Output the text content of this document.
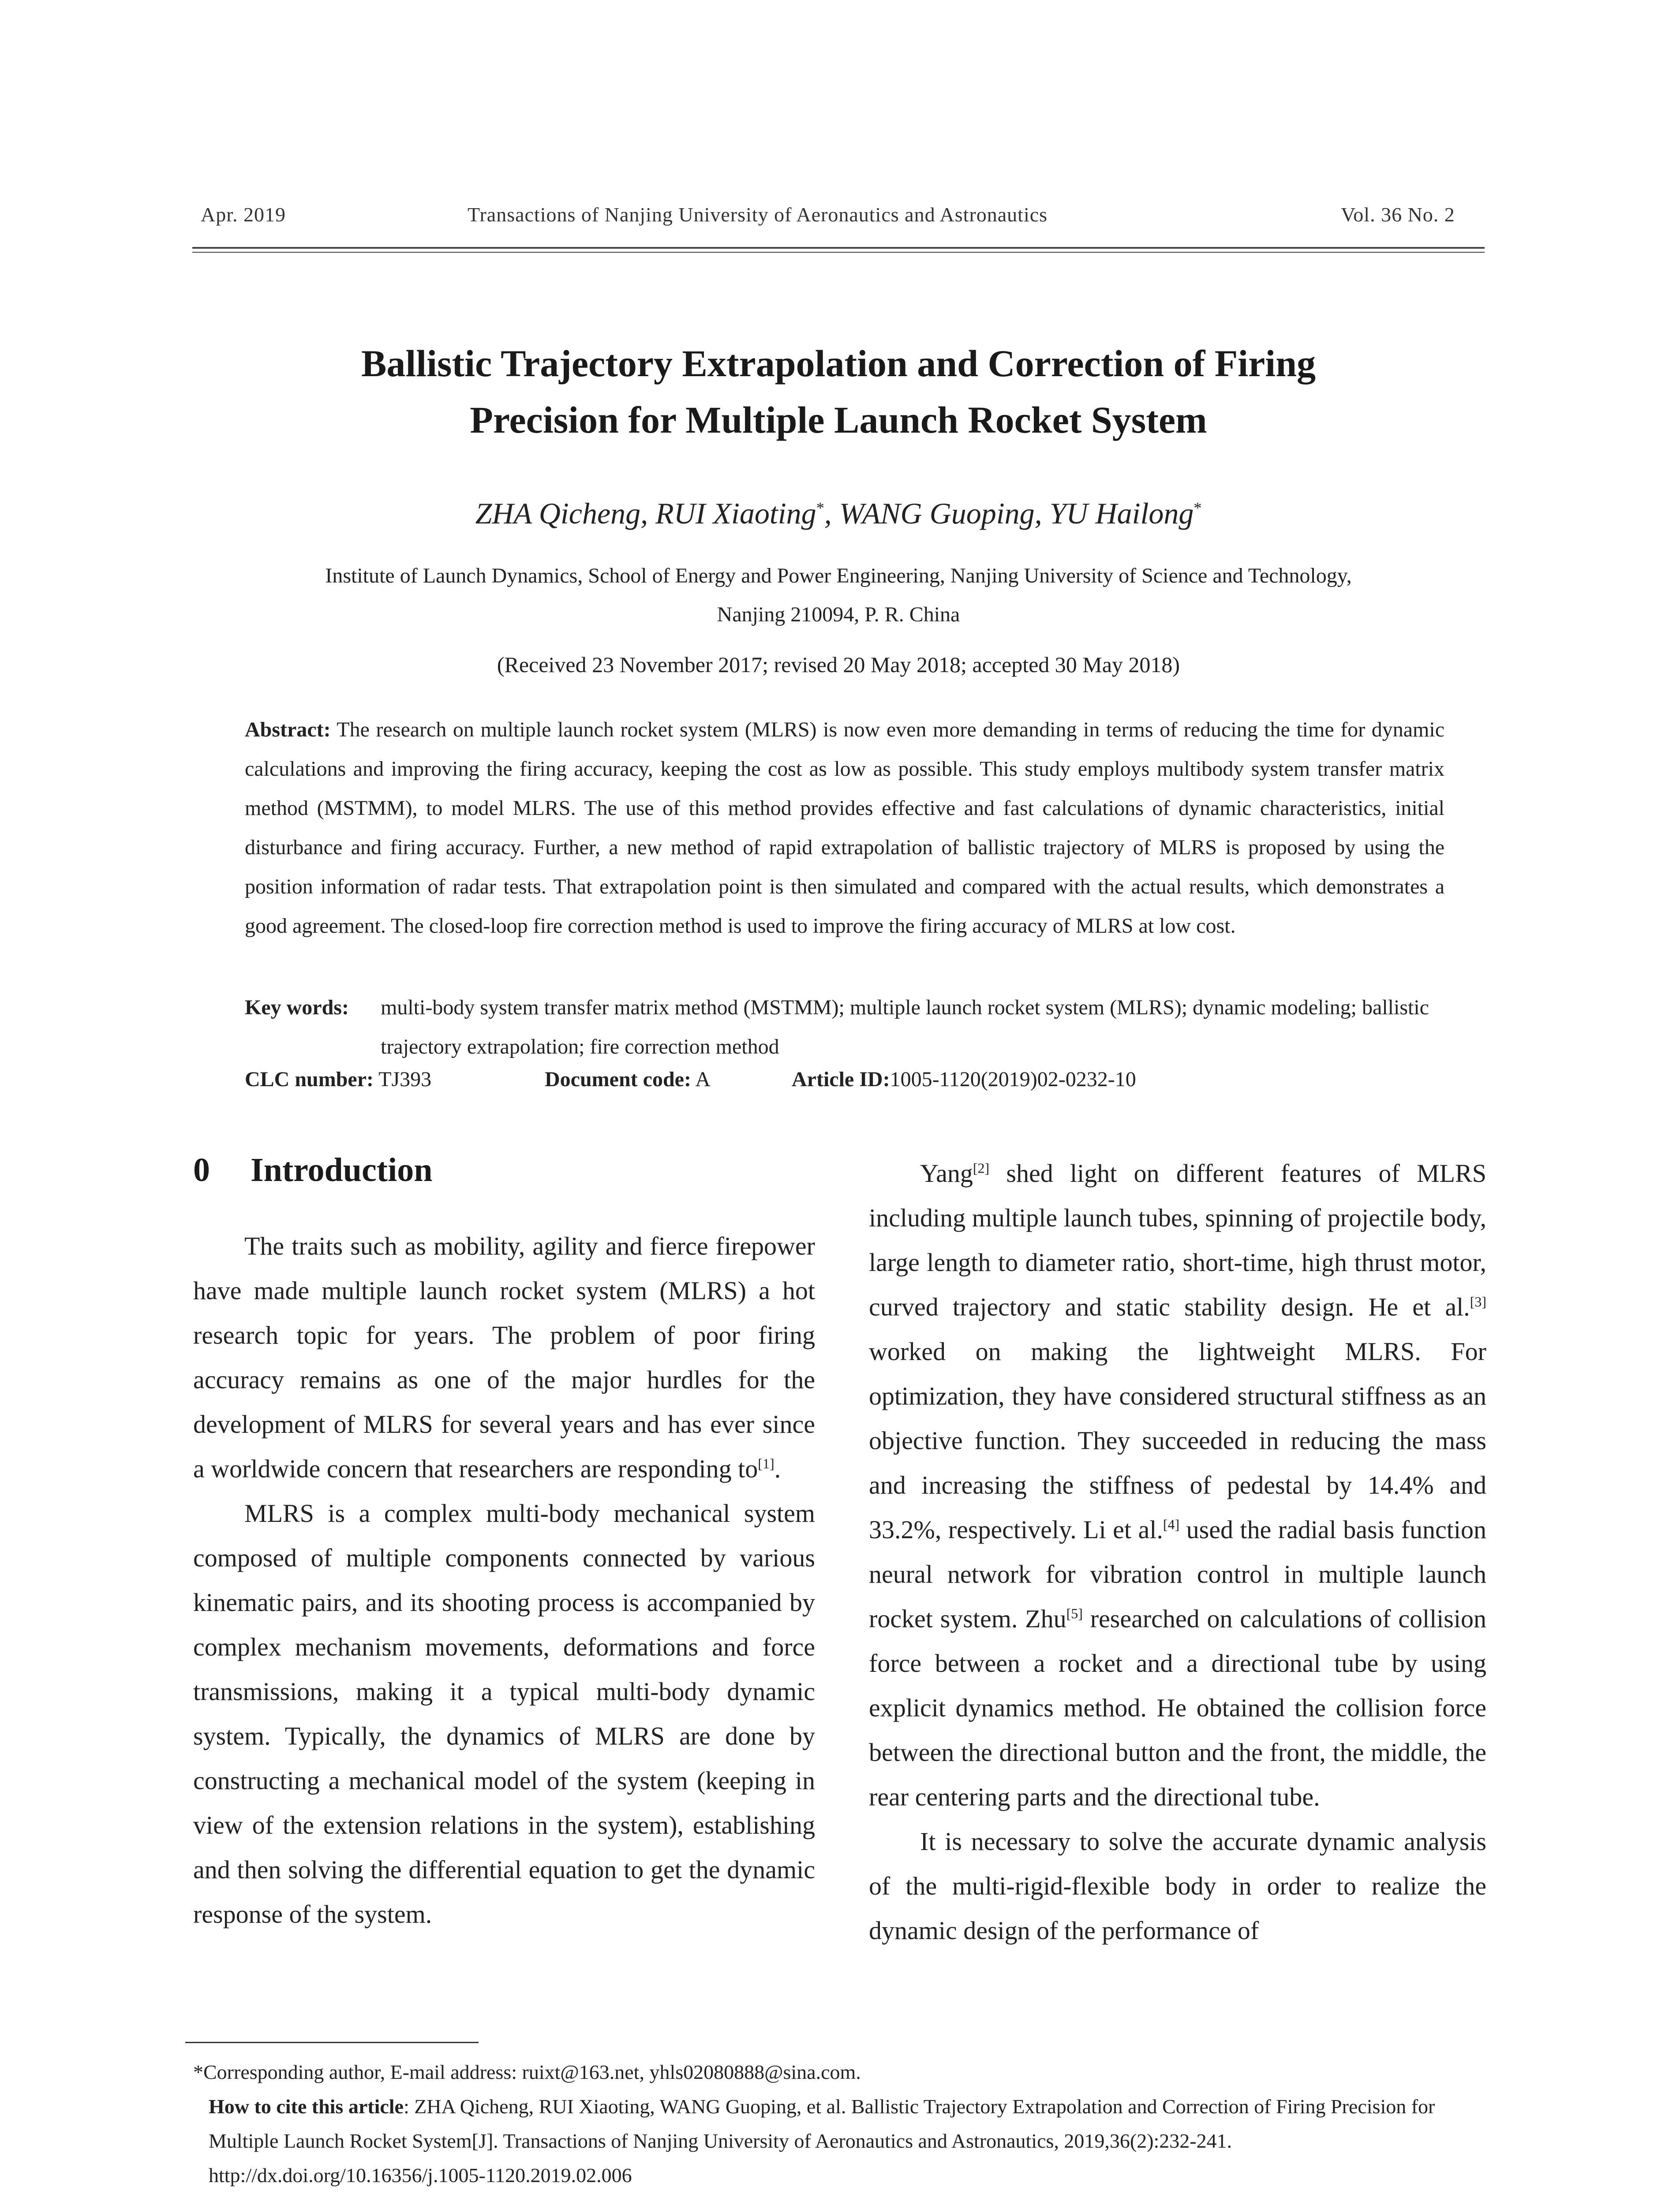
Apr. 2019	Transactions of Nanjing University of Aeronautics and Astronautics	Vol. 36 No. 2
Ballistic Trajectory Extrapolation and Correction of Firing
Precision for Multiple Launch Rocket System
ZHA Qicheng, RUI Xiaoting*, WANG Guoping, YU Hailong*
Institute of Launch Dynamics, School of Energy and Power Engineering, Nanjing University of Science and Technology,
Nanjing 210094, P. R. China
(Received 23 November 2017; revised 20 May 2018; accepted 30 May 2018)
Abstract: The research on multiple launch rocket system (MLRS) is now even more demanding in terms of reducing the time for dynamic calculations and improving the firing accuracy, keeping the cost as low as possible. This study employs multibody system transfer matrix method (MSTMM), to model MLRS. The use of this method provides effective and fast calculations of dynamic characteristics, initial disturbance and firing accuracy. Further, a new method of rapid extrapolation of ballistic trajectory of MLRS is proposed by using the position information of radar tests. That extrapolation point is then simulated and compared with the actual results, which demonstrates a good agreement. The closed-loop fire correction method is used to improve the firing accuracy of MLRS at low cost.
Key words: multi-body system transfer matrix method (MSTMM); multiple launch rocket system (MLRS); dynamic modeling; ballistic trajectory extrapolation; fire correction method
CLC number: TJ393	Document code: A	Article ID:1005-1120(2019)02-0232-10
0 Introduction

The traits such as mobility, agility and fierce firepower have made multiple launch rocket system (MLRS) a hot research topic for years. The problem of poor firing accuracy remains as one of the major hurdles for the development of MLRS for several years and has ever since a worldwide concern that researchers are responding to[1].

MLRS is a complex multi-body mechanical system composed of multiple components connected by various kinematic pairs, and its shooting process is accompanied by complex mechanism movements, deformations and force transmissions, making it a typical multi-body dynamic system. Typically, the dynamics of MLRS are done by constructing a mechanical model of the system (keeping in view of the extension relations in the system), establishing and then solving the differential equation to get the dynamic response of the system.

Yang[2] shed light on different features of MLRS including multiple launch tubes, spinning of projectile body, large length to diameter ratio, short-time, high thrust motor, curved trajectory and static stability design. He et al.[3] worked on making the lightweight MLRS. For optimization, they have considered structural stiffness as an objective function. They succeeded in reducing the mass and increasing the stiffness of pedestal by 14.4% and 33.2%, respectively. Li et al.[4] used the radial basis function neural network for vibration control in multiple launch rocket system. Zhu[5] researched on calculations of collision force between a rocket and a directional tube by using explicit dynamics method. He obtained the collision force between the directional button and the front, the middle, the rear centering parts and the directional tube.

It is necessary to solve the accurate dynamic analysis of the multi-rigid-flexible body in order to realize the dynamic design of the performance of

*Corresponding author, E-mail address: ruixt@163.net, yhls02080888@sina.com.

How to cite this article: ZHA Qicheng, RUI Xiaoting, WANG Guoping, et al. Ballistic Trajectory Extrapolation and Correction of Firing Precision for Multiple Launch Rocket System[J]. Transactions of Nanjing University of Aeronautics and Astronautics, 2019,36(2):232-241.

http://dx.doi.org/10.16356/j.1005-1120.2019.02.006
